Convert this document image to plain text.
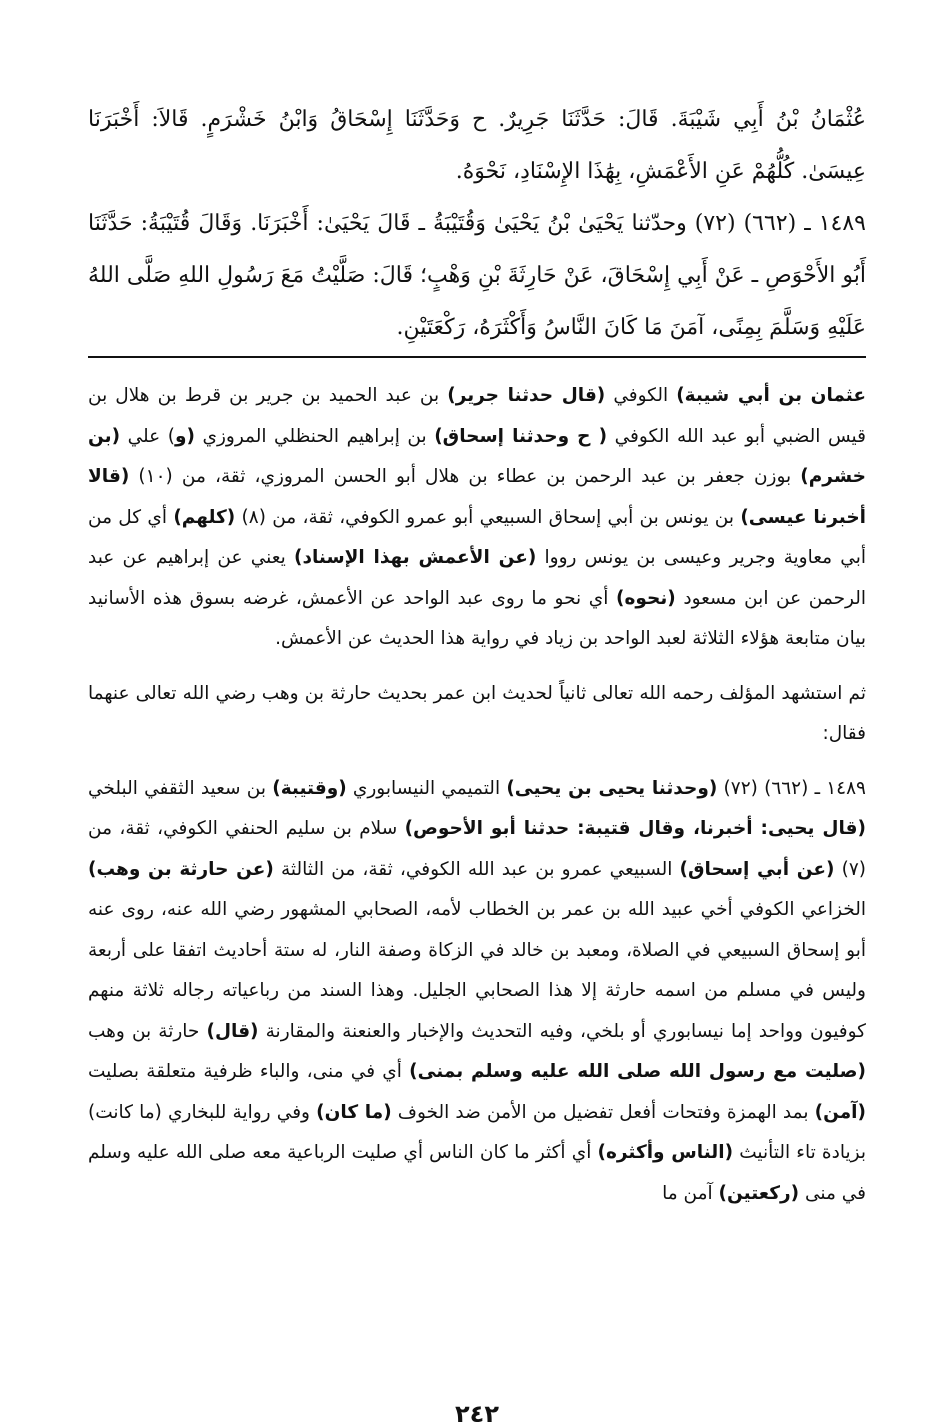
عُثْمَانُ بْنُ أَبِي شَيْبَةَ. قَالَ: حَدَّثَنَا جَرِيرٌ. ح وَحَدَّثَنَا إِسْحَاقُ وَابْنُ خَشْرَمٍ. قَالاَ: أَخْبَرَنَا عِيسَىٰ. كُلُّهُمْ عَنِ الأَعْمَشِ، بِهَٰذَا الإِسْنَادِ، نَحْوَهُ.

١٤٨٩ ـ (٦٦٢) (٧٢) وحدّثنا يَحْيَىٰ بْنُ يَحْيَىٰ وَقُتَيْبَةُ ـ قَالَ يَحْيَىٰ: أَخْبَرَنَا. وَقَالَ قُتَيْبَةُ: حَدَّثَنَا أَبُو الأَحْوَصِ ـ عَنْ أَبِي إِسْحَاقَ، عَنْ حَارِثَةَ بْنِ وَهْبٍ؛ قَالَ: صَلَّيْتُ مَعَ رَسُولِ اللهِ صَلَّى اللهُ عَلَيْهِ وَسَلَّمَ بِمِنًى، آمَنَ مَا كَانَ النَّاسُ وَأَكْثَرَهُ، رَكْعَتَيْنِ.

عثمان بن أبي شيبة) الكوفي (قال حدثنا جرير) بن عبد الحميد بن جرير بن قرط بن هلال بن قيس الضبي أبو عبد الله الكوفي ( ح وحدثنا إسحاق) بن إبراهيم الحنظلي المروزي (و) علي (بن خشرم) بوزن جعفر بن عبد الرحمن بن عطاء بن هلال أبو الحسن المروزي، ثقة، من (١٠) (قالا أخبرنا عيسى) بن يونس بن أبي إسحاق السبيعي أبو عمرو الكوفي، ثقة، من (٨) (كلهم) أي كل من أبي معاوية وجرير وعيسى بن يونس رووا (عن الأعمش بهذا الإسناد) يعني عن إبراهيم عن عبد الرحمن عن ابن مسعود (نحوه) أي نحو ما روى عبد الواحد عن الأعمش، غرضه بسوق هذه الأسانيد بيان متابعة هؤلاء الثلاثة لعبد الواحد بن زياد في رواية هذا الحديث عن الأعمش.

ثم استشهد المؤلف رحمه الله تعالى ثانياً لحديث ابن عمر بحديث حارثة بن وهب رضي الله تعالى عنهما فقال:

١٤٨٩ ـ (٦٦٢) (٧٢) (وحدثنا يحيى بن يحيى) التميمي النيسابوري (وقتيبة) بن سعيد الثقفي البلخي (قال يحيى: أخبرنا، وقال قتيبة: حدثنا أبو الأحوص) سلام بن سليم الحنفي الكوفي، ثقة، من (٧) (عن أبي إسحاق) السبيعي عمرو بن عبد الله الكوفي، ثقة، من الثالثة (عن حارثة بن وهب) الخزاعي الكوفي أخي عبيد الله بن عمر بن الخطاب لأمه، الصحابي المشهور رضي الله عنه، روى عنه أبو إسحاق السبيعي في الصلاة، ومعبد بن خالد في الزكاة وصفة النار، له ستة أحاديث اتفقا على أربعة وليس في مسلم من اسمه حارثة إلا هذا الصحابي الجليل. وهذا السند من رباعياته رجاله ثلاثة منهم كوفيون وواحد إما نيسابوري أو بلخي، وفيه التحديث والإخبار والعنعنة والمقارنة (قال) حارثة بن وهب (صليت مع رسول الله صلى الله عليه وسلم بمنى) أي في منى، والباء ظرفية متعلقة بصليت (آمن) بمد الهمزة وفتحات أفعل تفضيل من الأمن ضد الخوف (ما كان) وفي رواية للبخاري (ما كانت) بزيادة تاء التأنيث (الناس وأكثره) أي أكثر ما كان الناس أي صليت الرباعية معه صلى الله عليه وسلم في منى (ركعتين) آمن ما

٢٤٢
